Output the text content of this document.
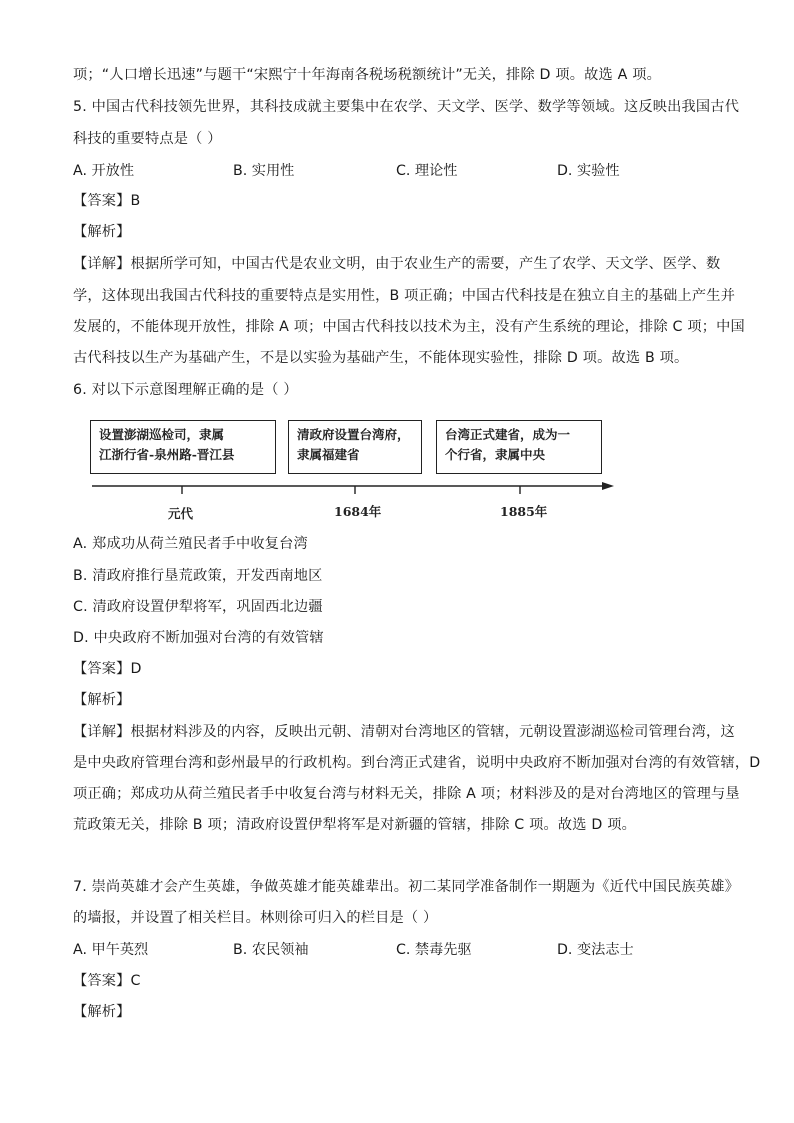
项；“人口增长迅速”与题干“宋熙宁十年海南各税场税额统计”无关，排除 D 项。故选 A 项。
5. 中国古代科技领先世界，其科技成就主要集中在农学、天文学、医学、数学等领域。这反映出我国古代
科技的重要特点是（ ）
A. 开放性	B. 实用性	C. 理论性	D. 实验性
【答案】B
【解析】
【详解】根据所学可知，中国古代是农业文明，由于农业生产的需要，产生了农学、天文学、医学、数
学，这体现出我国古代科技的重要特点是实用性，B 项正确；中国古代科技是在独立自主的基础上产生并
发展的，不能体现开放性，排除 A 项；中国古代科技以技术为主，没有产生系统的理论，排除 C 项；中国
古代科技以生产为基础产生，不是以实验为基础产生，不能体现实验性，排除 D 项。故选 B 项。
6. 对以下示意图理解正确的是（ ）
设置澎湖巡检司，隶属
江浙行省-泉州路-晋江县
清政府设置台湾府，
隶属福建省
台湾正式建省，成为一
个行省，隶属中央
元代	1684年	1885年
A. 郑成功从荷兰殖民者手中收复台湾
B. 清政府推行垦荒政策，开发西南地区
C. 清政府设置伊犁将军，巩固西北边疆
D. 中央政府不断加强对台湾的有效管辖
【答案】D
【解析】
【详解】根据材料涉及的内容，反映出元朝、清朝对台湾地区的管辖，元朝设置澎湖巡检司管理台湾，这
是中央政府管理台湾和彭州最早的行政机构。到台湾正式建省，说明中央政府不断加强对台湾的有效管辖，D
项正确；郑成功从荷兰殖民者手中收复台湾与材料无关，排除 A 项；材料涉及的是对台湾地区的管理与垦
荒政策无关，排除 B 项；清政府设置伊犁将军是对新疆的管辖，排除 C 项。故选 D 项。
7. 崇尚英雄才会产生英雄，争做英雄才能英雄辈出。初二某同学准备制作一期题为《近代中国民族英雄》
的墙报，并设置了相关栏目。林则徐可归入的栏目是（ ）
A. 甲午英烈	B. 农民领袖	C. 禁毒先驱	D. 变法志士
【答案】C
【解析】
